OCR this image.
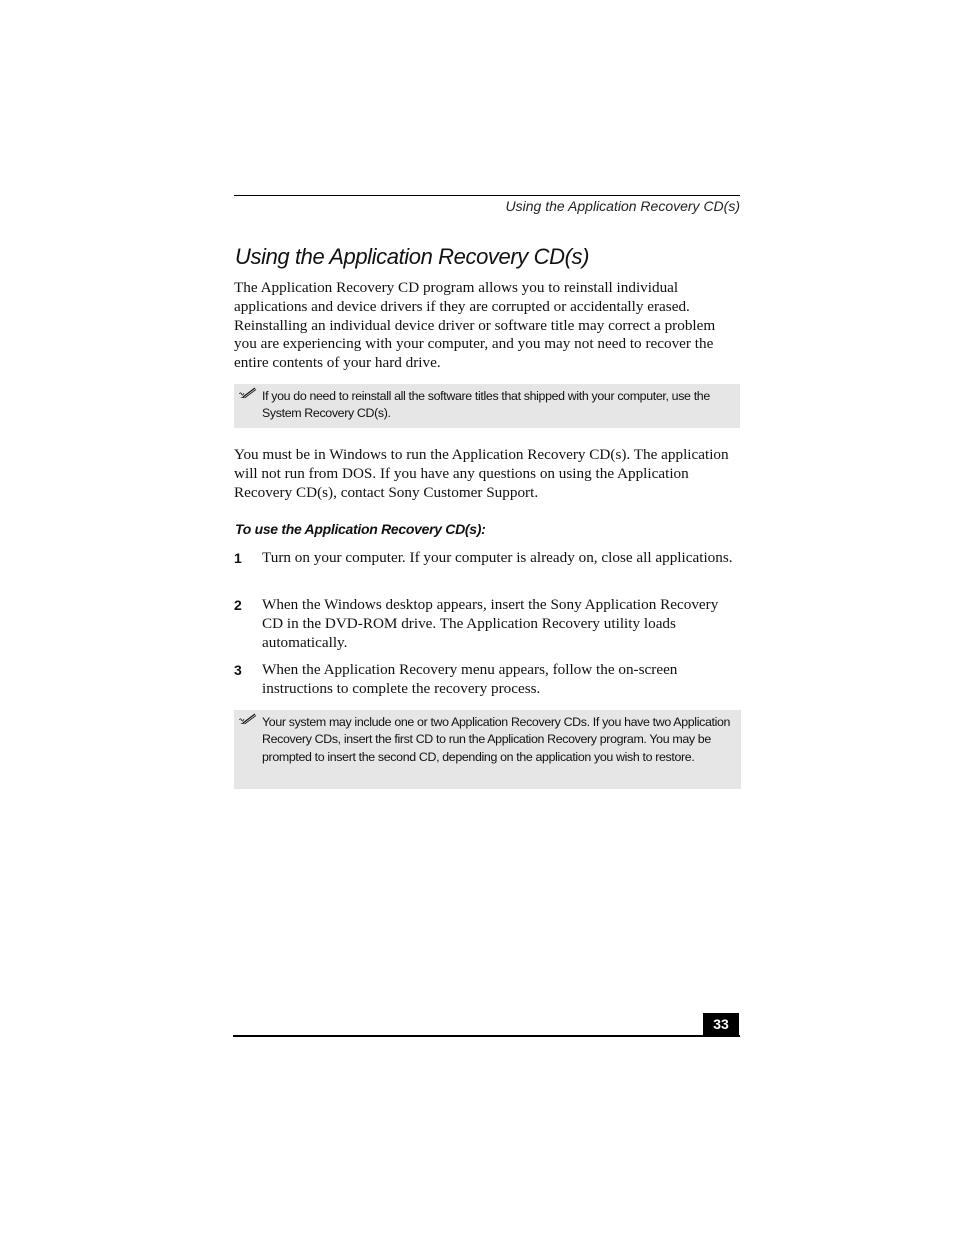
Using the Application Recovery CD(s)
Using the Application Recovery CD(s)

The Application Recovery CD program allows you to reinstall individual applications and device drivers if they are corrupted or accidentally erased. Reinstalling an individual device driver or software title may correct a problem you are experiencing with your computer, and you may not need to recover the entire contents of your hard drive.

If you do need to reinstall all the software titles that shipped with your computer, use the System Recovery CD(s).

You must be in Windows to run the Application Recovery CD(s). The application will not run from DOS. If you have any questions on using the Application Recovery CD(s), contact Sony Customer Support.

To use the Application Recovery CD(s):
1 Turn on your computer. If your computer is already on, close all applications.

2 When the Windows desktop appears, insert the Sony Application Recovery CD in the DVD-ROM drive. The Application Recovery utility loads automatically.

3 When the Application Recovery menu appears, follow the on-screen instructions to complete the recovery process.

Your system may include one or two Application Recovery CDs. If you have two Application Recovery CDs, insert the first CD to run the Application Recovery program. You may be prompted to insert the second CD, depending on the application you wish to restore.

33
